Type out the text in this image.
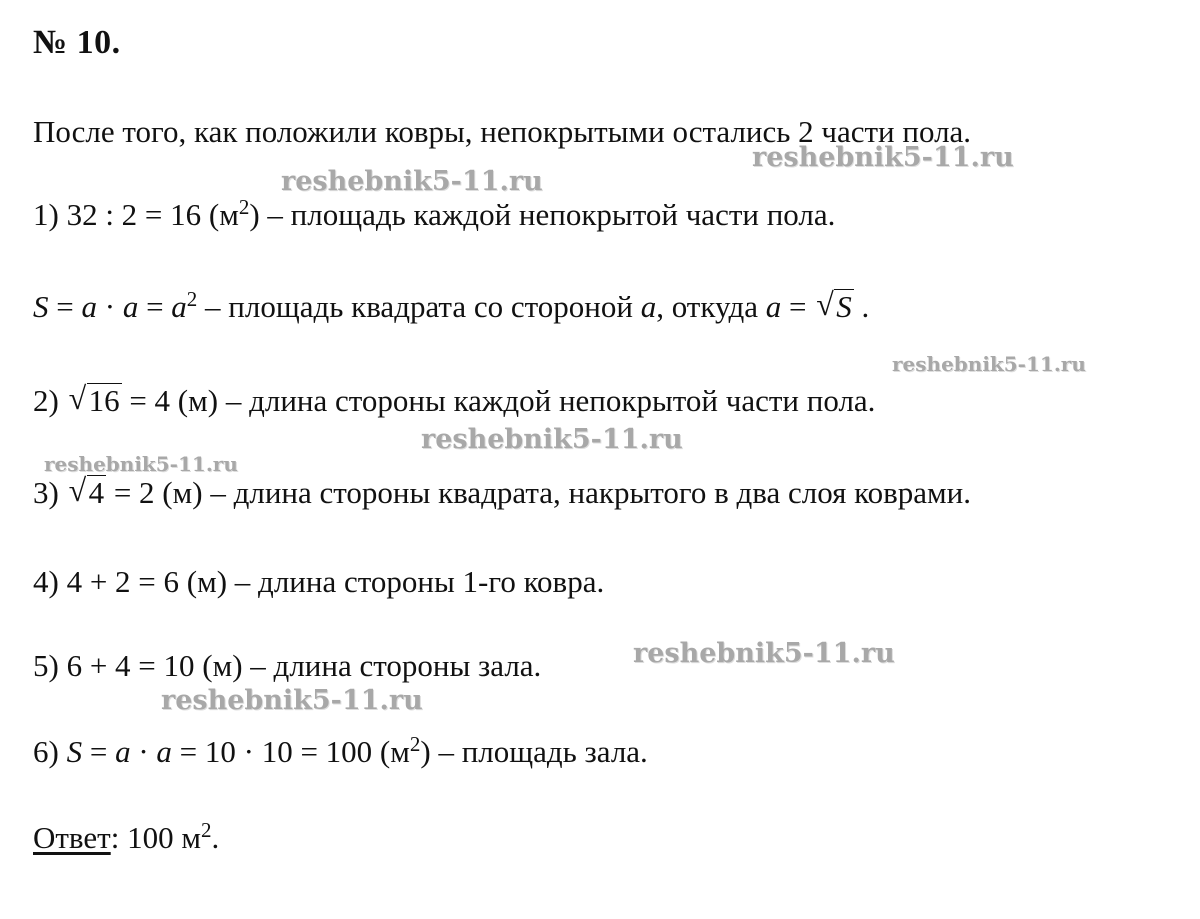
№ 10.
После того, как положили ковры, непокрытыми остались 2 части пола.
1) 32 : 2 = 16 $(м^2)$ – площадь каждой непокрытой части пола.
$S = a \cdot a = a^2$ – площадь квадрата со стороной a, откуда a = √ S .
2) √ 16 = 4 (м) – длина стороны каждой непокрытой части пола.
3) √ 4 = 2 (м) – длина стороны квадрата, накрытого в два слоя коврами.
4) 4 + 2 = 6 (м) – длина стороны 1-го ковра.
5) 6 + 4 = 10 (м) – длина стороны зала.
6) S = a · a = 10 · 10 = 100 $(м^2)$ – площадь зала.
Ответ: 100 $м^2$.
reshebnik5-11.ru
reshebnik5-11.ru
reshebnik5-11.ru
reshebnik5-11.ru
reshebnik5-11.ru
reshebnik5-11.ru
reshebnik5-11.ru
